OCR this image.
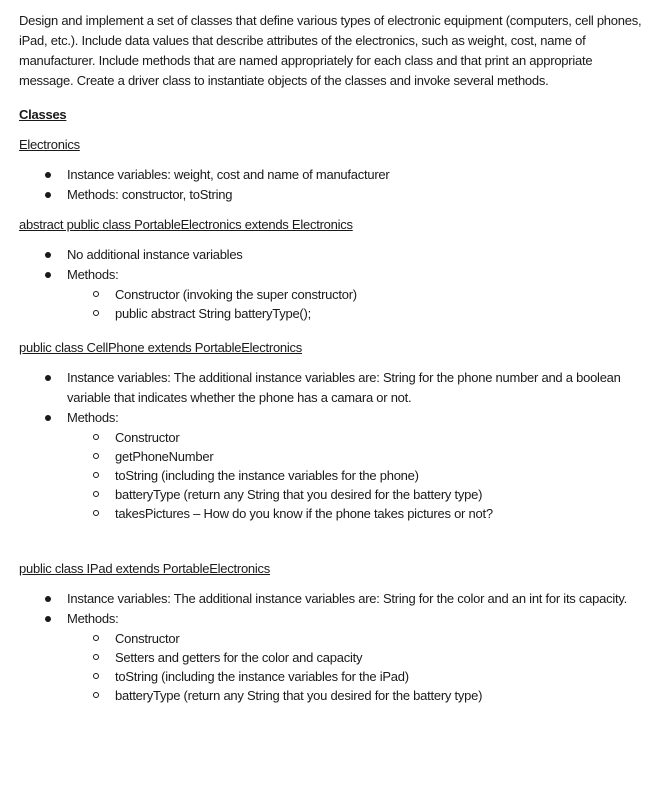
Design and implement a set of classes that define various types of electronic equipment (computers, cell phones, iPad, etc.). Include data values that describe attributes of the electronics, such as weight, cost, name of manufacturer. Include methods that are named appropriately for each class and that print an appropriate message. Create a driver class to instantiate objects of the classes and invoke several methods.

Classes

Electronics

Instance variables: weight, cost and name of manufacturer
Methods: constructor, toString

abstract public class PortableElectronics extends Electronics

No additional instance variables
Methods:
Constructor (invoking the super constructor)
public abstract String batteryType();

public class CellPhone extends PortableElectronics

Instance variables: The additional instance variables are: String for the phone number and a boolean variable that indicates whether the phone has a camara or not.
Methods:
Constructor
getPhoneNumber
toString (including the instance variables for the phone)
batteryType (return any String that you desired for the battery type)
takesPictures – How do you know if the phone takes pictures or not?

public class IPad extends PortableElectronics

Instance variables: The additional instance variables are: String for the color and an int for its capacity.
Methods:
Constructor
Setters and getters for the color and capacity
toString (including the instance variables for the iPad)
batteryType (return any String that you desired for the battery type)
